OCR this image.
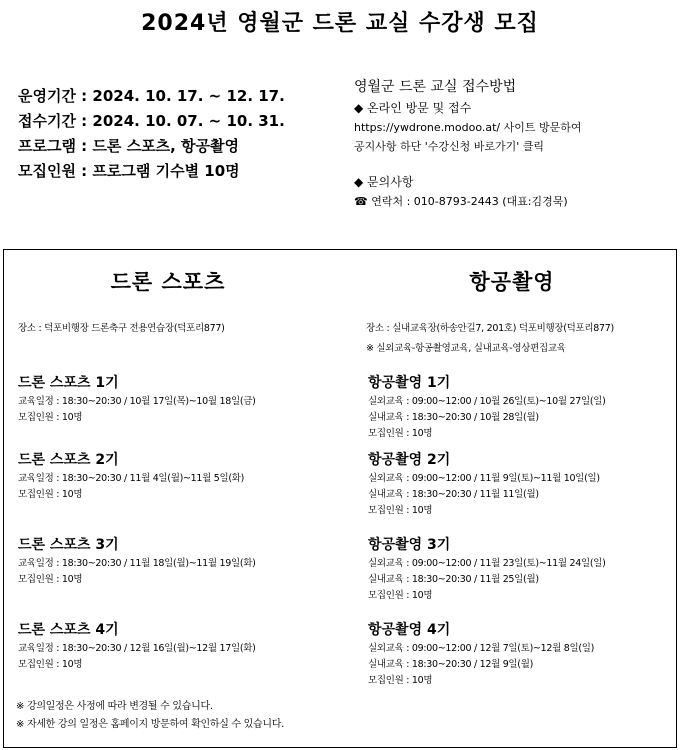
2024년 영월군 드론 교실 수강생 모집
운영기간 : 2024. 10. 17. ~ 12. 17.
접수기간 : 2024. 10. 07. ~ 10. 31.
프로그램 : 드론 스포츠, 항공촬영
모집인원 : 프로그램 기수별 10명
영월군 드론 교실 접수방법
◆ 온라인 방문 및 접수
https://ywdrone.modoo.at/ 사이트 방문하여
공지사항 하단 '수강신청 바로가기' 클릭
◆ 문의사항
☎ 연락처 : 010-8793-2443 (대표:김경묵)
드론 스포츠	항공촬영
장소 : 덕포비행장 드론축구 전용연습장(덕포리877)	장소 : 실내교육장(하송안길7, 201호) 덕포비행장(덕포리877)
※ 실외교육-항공촬영교육, 실내교육-영상편집교육
드론 스포츠 1기
교육일정 : 18:30~20:30 / 10월 17일(목)~10월 18일(금)
모집인원 : 10명
드론 스포츠 2기
교육일정 : 18:30~20:30 / 11월 4일(월)~11월 5일(화)
모집인원 : 10명
드론 스포츠 3기
교육일정 : 18:30~20:30 / 11월 18일(월)~11월 19일(화)
모집인원 : 10명
드론 스포츠 4기
교육일정 : 18:30~20:30 / 12월 16일(월)~12월 17일(화)
모집인원 : 10명
항공촬영 1기
실외교육 : 09:00~12:00 / 10월 26일(토)~10월 27일(일)
실내교육 : 18:30~20:30 / 10월 28일(월)
모집인원 : 10명
항공촬영 2기
실외교육 : 09:00~12:00 / 11월 9일(토)~11월 10일(일)
실내교육 : 18:30~20:30 / 11월 11일(월)
모집인원 : 10명
항공촬영 3기
실외교육 : 09:00~12:00 / 11월 23일(토)~11월 24일(일)
실내교육 : 18:30~20:30 / 11월 25일(월)
모집인원 : 10명
항공촬영 4기
실외교육 : 09:00~12:00 / 12월 7일(토)~12월 8일(일)
실내교육 : 18:30~20:30 / 12월 9일(월)
모집인원 : 10명
※ 강의일정은 사정에 따라 변경될 수 있습니다.
※ 자세한 강의 일정은 홈페이지 방문하여 확인하실 수 있습니다.
